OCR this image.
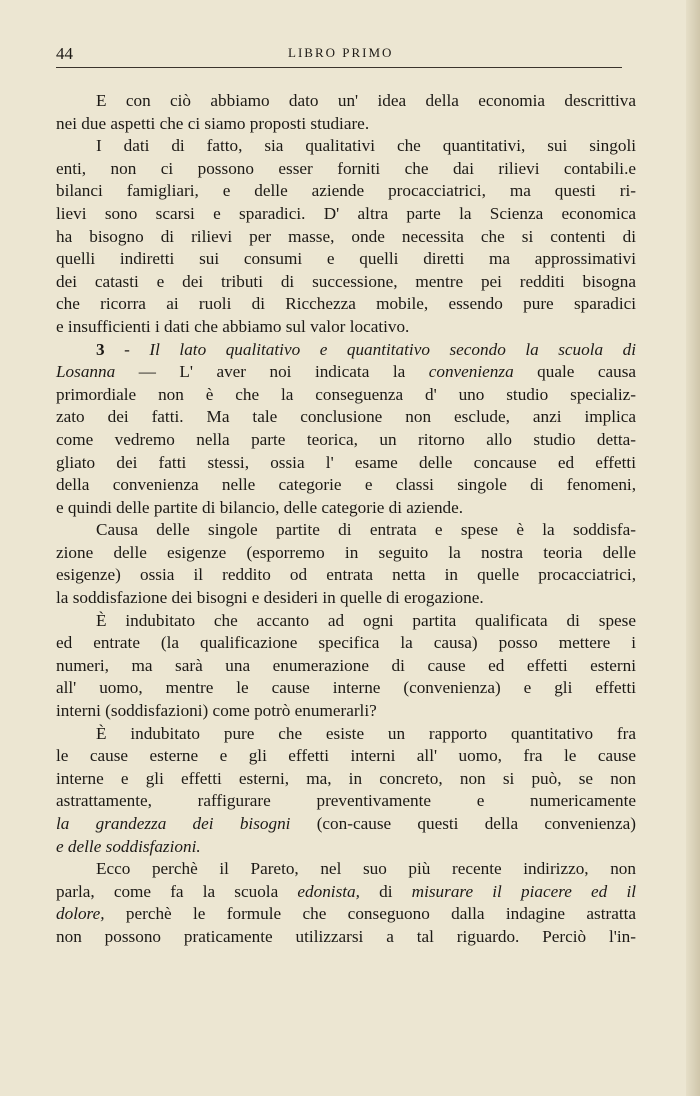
44	LIBRO PRIMO

E con ciò abbiamo dato un' idea della economia descrittiva
nei due aspetti che ci siamo proposti studiare.

I dati di fatto, sia qualitativi che quantitativi, sui singoli
enti, non ci possono esser forniti che dai rilievi contabili.e
bilanci famigliari, e delle aziende procacciatrici, ma questi ri-
lievi sono scarsi e sparadici. D' altra parte la Scienza economica
ha bisogno di rilievi per masse, onde necessita che si contenti di
quelli indiretti sui consumi e quelli diretti ma approssimativi
dei catasti e dei tributi di successione, mentre pei redditi bisogna
che ricorra ai ruoli di Ricchezza mobile, essendo pure sparadici
e insufficienti i dati che abbiamo sul valor locativo.

3 - Il lato qualitativo e quantitativo secondo la scuola di
Losanna — L' aver noi indicata la convenienza quale causa
primordiale non è che la conseguenza d' uno studio specializ-
zato dei fatti. Ma tale conclusione non esclude, anzi implica
come vedremo nella parte teorica, un ritorno allo studio detta-
gliato dei fatti stessi, ossia l' esame delle concause ed effetti
della convenienza nelle categorie e classi singole di fenomeni,
e quindi delle partite di bilancio, delle categorie di aziende.

Causa delle singole partite di entrata e spese è la soddisfa-
zione delle esigenze (esporremo in seguito la nostra teoria delle
esigenze) ossia il reddito od entrata netta in quelle procacciatrici,
la soddisfazione dei bisogni e desideri in quelle di erogazione.

È indubitato che accanto ad ogni partita qualificata di spese
ed entrate (la qualificazione specifica la causa) posso mettere i
numeri, ma sarà una enumerazione di cause ed effetti esterni
all' uomo, mentre le cause interne (convenienza) e gli effetti
interni (soddisfazioni) come potrò enumerarli?

È indubitato pure che esiste un rapporto quantitativo fra
le cause esterne e gli effetti interni all' uomo, fra le cause
interne e gli effetti esterni, ma, in concreto, non si può, se non
astrattamente, raffigurare preventivamente e numericamente
la grandezza dei bisogni (con-cause questi della convenienza)
e delle soddisfazioni.

Ecco perchè il Pareto, nel suo più recente indirizzo, non
parla, come fa la scuola edonista, di misurare il piacere ed il
dolore, perchè le formule che conseguono dalla indagine astratta
non possono praticamente utilizzarsi a tal riguardo. Perciò l'in-
